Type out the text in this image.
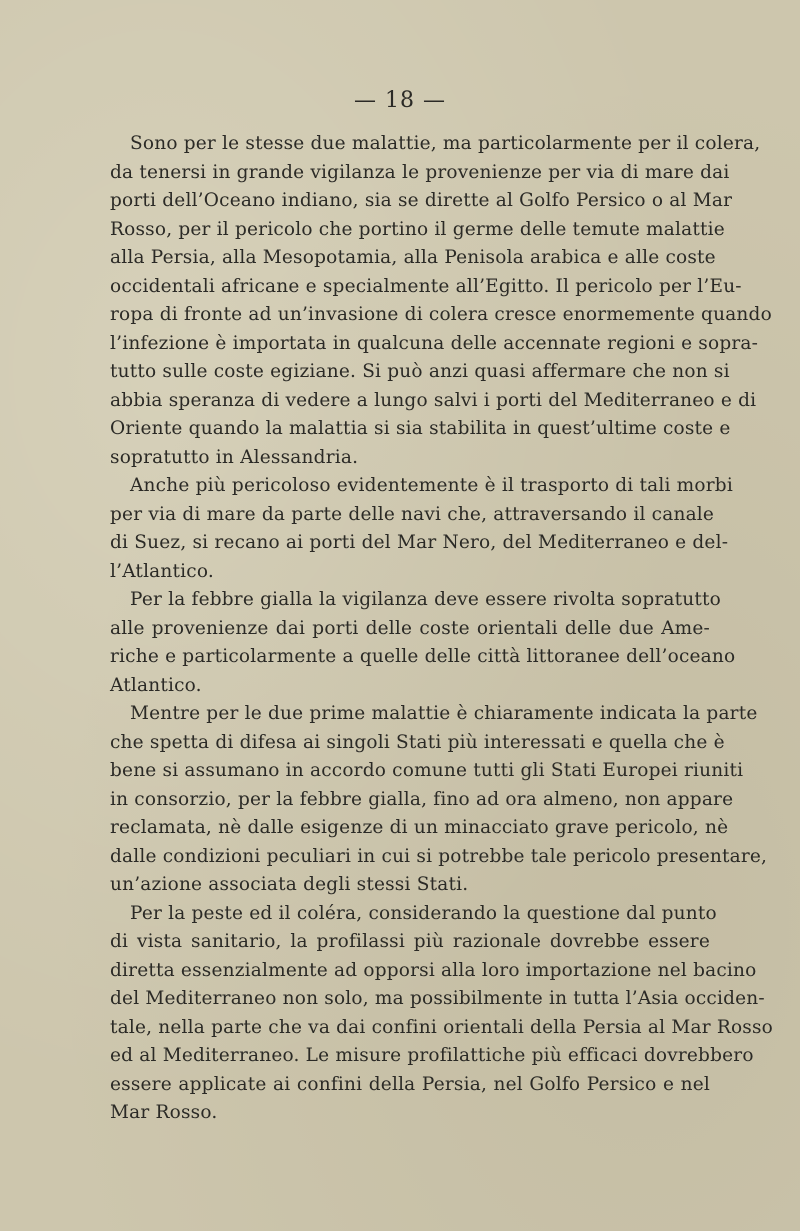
— 18 —

Sono per le stesse due malattie, ma particolarmente per il colera,
da tenersi in grande vigilanza le provenienze per via di mare dai
porti dell’Oceano indiano, sia se dirette al Golfo Persico o al Mar
Rosso, per il pericolo che portino il germe delle temute malattie
alla Persia, alla Mesopotamia, alla Penisola arabica e alle coste
occidentali africane e specialmente all’Egitto. Il pericolo per l’Eu-
ropa di fronte ad un’invasione di colera cresce enormemente quando
l’infezione è importata in qualcuna delle accennate regioni e sopra-
tutto sulle coste egiziane. Si può anzi quasi affermare che non si
abbia speranza di vedere a lungo salvi i porti del Mediterraneo e di
Oriente quando la malattia si sia stabilita in quest’ultime coste e
sopratutto in Alessandria.

Anche più pericoloso evidentemente è il trasporto di tali morbi
per via di mare da parte delle navi che, attraversando il canale
di Suez, si recano ai porti del Mar Nero, del Mediterraneo e del-
l’Atlantico.

Per la febbre gialla la vigilanza deve essere rivolta sopratutto
alle provenienze dai porti delle coste orientali delle due Ame-
riche e particolarmente a quelle delle città littoranee dell’oceano
Atlantico.

Mentre per le due prime malattie è chiaramente indicata la parte
che spetta di difesa ai singoli Stati più interessati e quella che è
bene si assumano in accordo comune tutti gli Stati Europei riuniti
in consorzio, per la febbre gialla, fino ad ora almeno, non appare
reclamata, nè dalle esigenze di un minacciato grave pericolo, nè
dalle condizioni peculiari in cui si potrebbe tale pericolo presentare,
un’azione associata degli stessi Stati.

Per la peste ed il coléra, considerando la questione dal punto
di vista sanitario, la profilassi più razionale dovrebbe essere
diretta essenzialmente ad opporsi alla loro importazione nel bacino
del Mediterraneo non solo, ma possibilmente in tutta l’Asia occiden-
tale, nella parte che va dai confini orientali della Persia al Mar Rosso
ed al Mediterraneo. Le misure profilattiche più efficaci dovrebbero
essere applicate ai confini della Persia, nel Golfo Persico e nel
Mar Rosso.
